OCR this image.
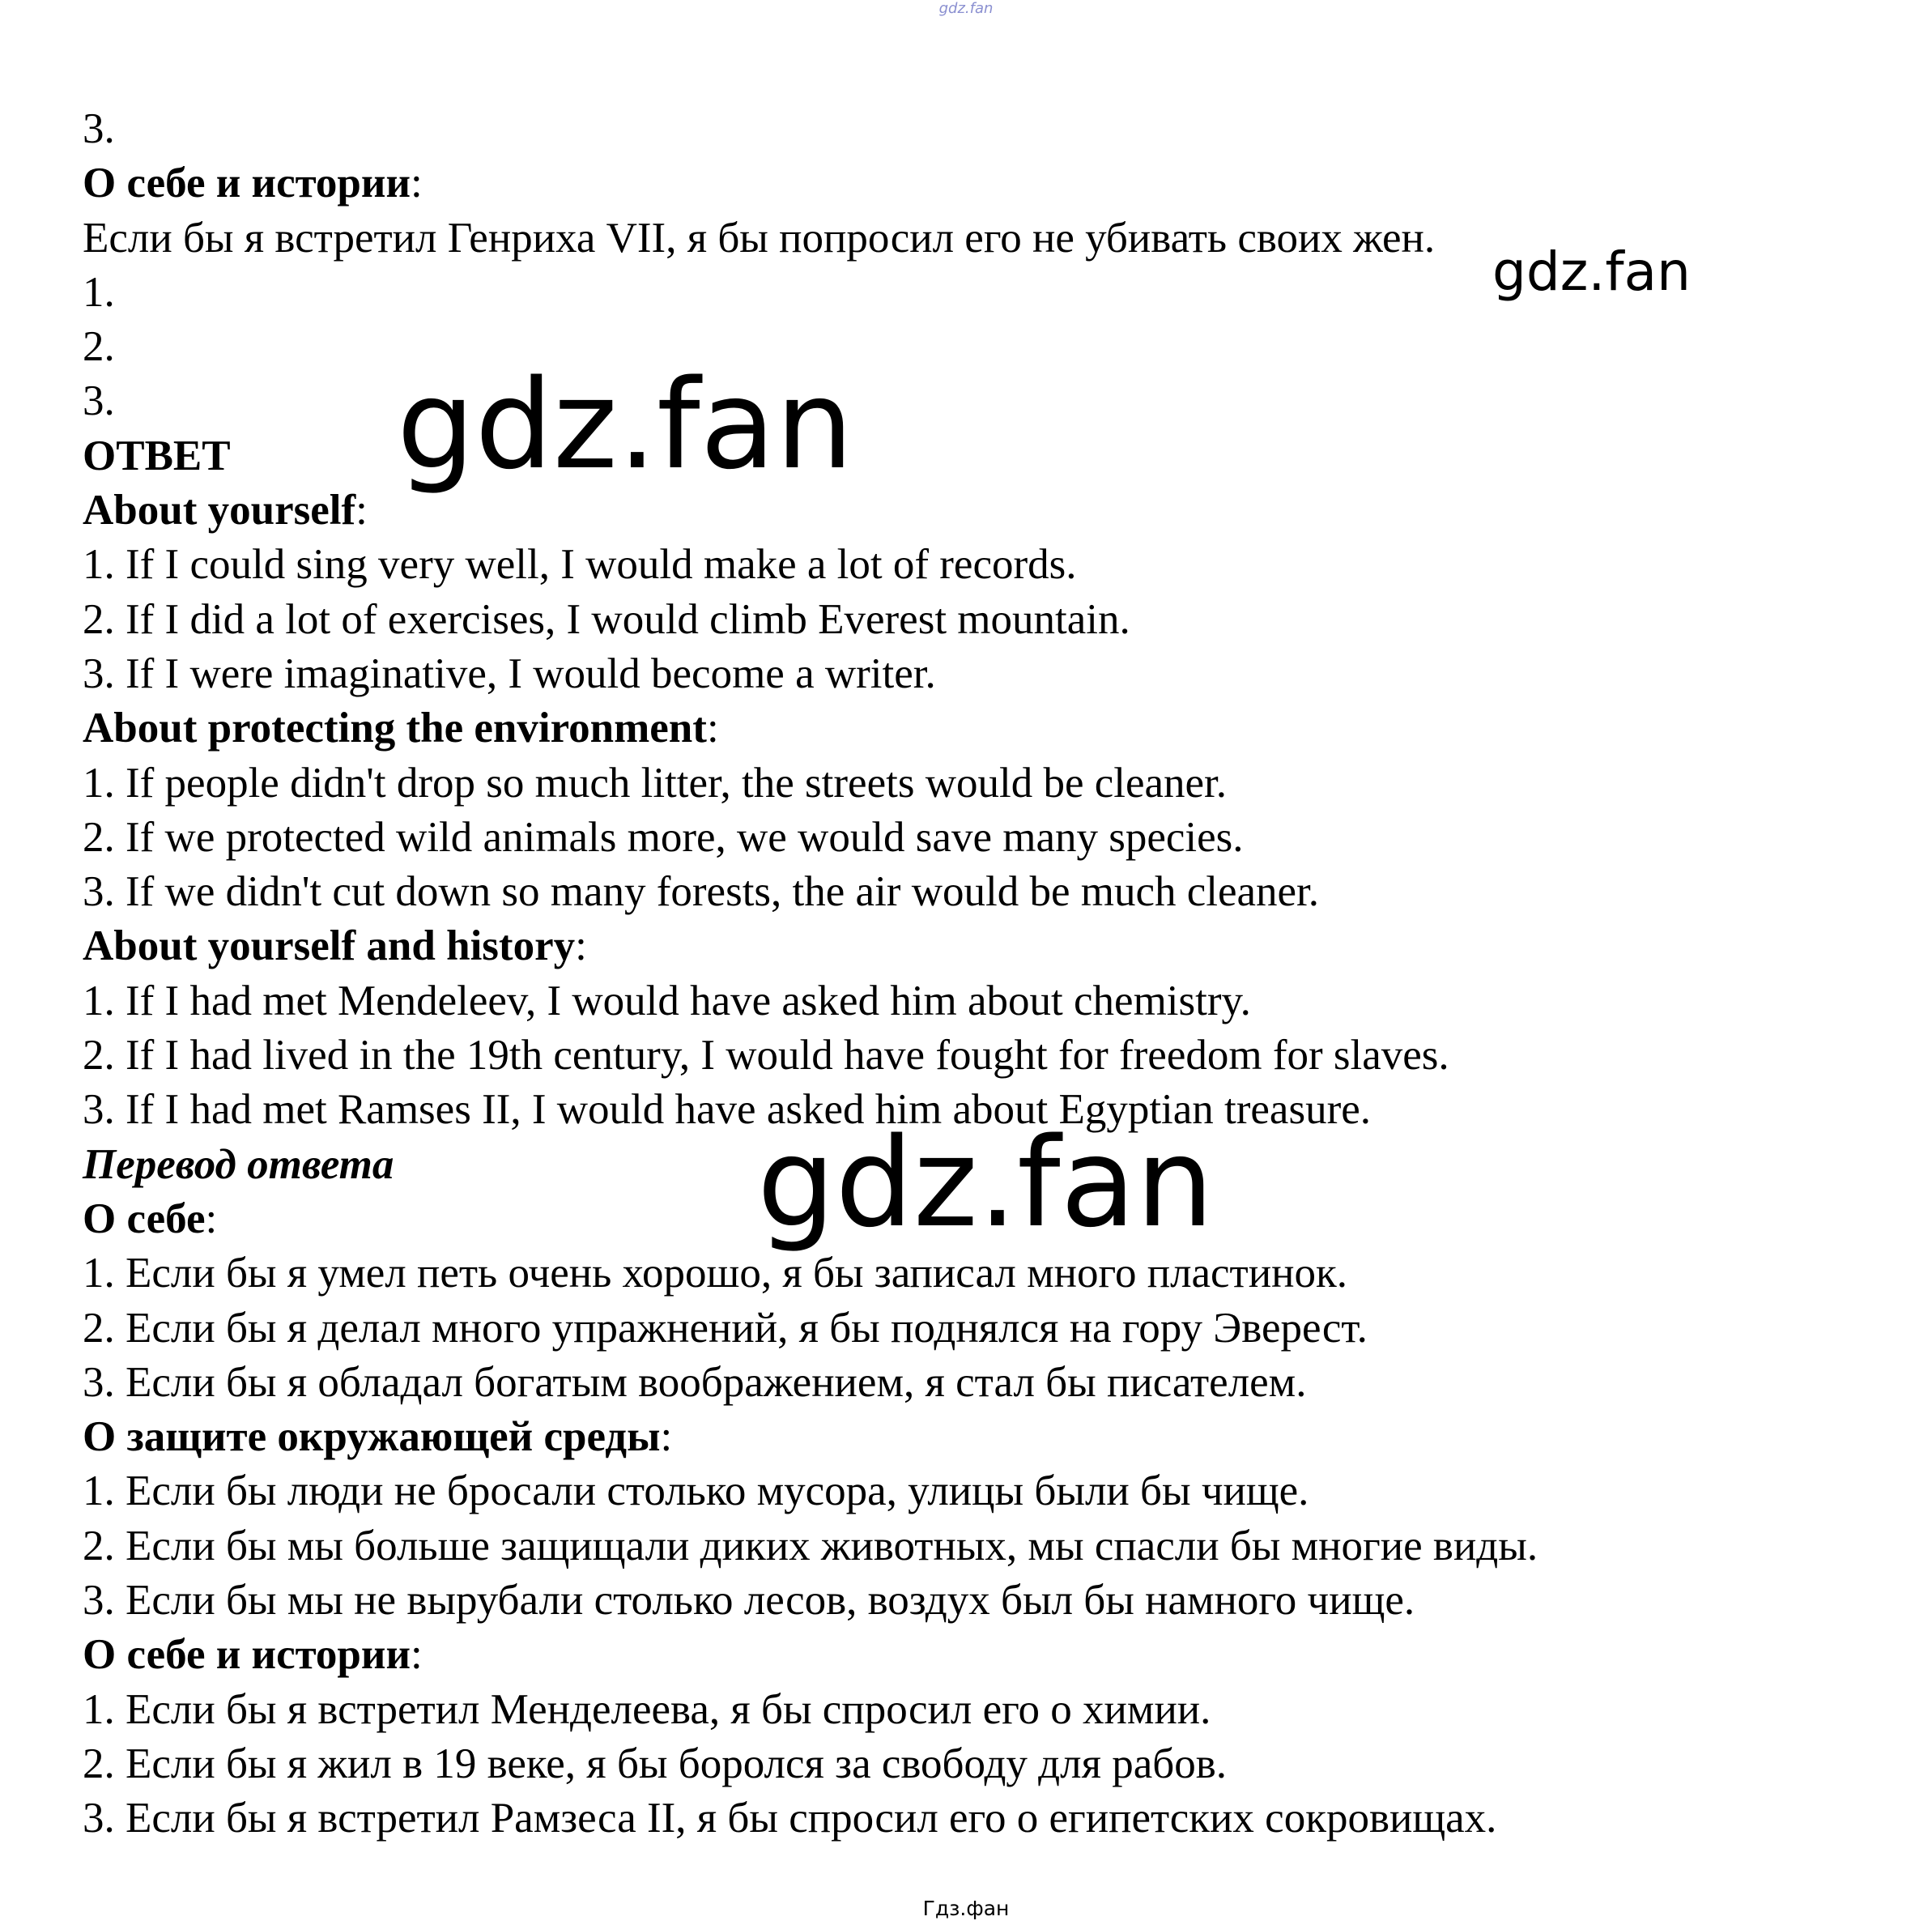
gdz.fan
3.
О себе и истории:
Если бы я встретил Генриха VII, я бы попросил его не убивать своих жен.
1.
2.
3.
ОТВЕТ
About yourself:
1. If I could sing very well, I would make a lot of records.
2. If I did a lot of exercises, I would climb Everest mountain.
3. If I were imaginative, I would become a writer.
About protecting the environment:
1. If people didn't drop so much litter, the streets would be cleaner.
2. If we protected wild animals more, we would save many species.
3. If we didn't cut down so many forests, the air would be much cleaner.
About yourself and history:
1. If I had met Mendeleev, I would have asked him about chemistry.
2. If I had lived in the 19th century, I would have fought for freedom for slaves.
3. If I had met Ramses II, I would have asked him about Egyptian treasure.
Перевод ответа
О себе:
1. Если бы я умел петь очень хорошо, я бы записал много пластинок.
2. Если бы я делал много упражнений, я бы поднялся на гору Эверест.
3. Если бы я обладал богатым воображением, я стал бы писателем.
О защите окружающей среды:
1. Если бы люди не бросали столько мусора, улицы были бы чище.
2. Если бы мы больше защищали диких животных, мы спасли бы многие виды.
3. Если бы мы не вырубали столько лесов, воздух был бы намного чище.
О себе и истории:
1. Если бы я встретил Менделеева, я бы спросил его о химии.
2. Если бы я жил в 19 веке, я бы боролся за свободу для рабов.
3. Если бы я встретил Рамзеса II, я бы спросил его о египетских сокровищах.
gdz.fan
gdz.fan
gdz.fan
Гдз.фан
